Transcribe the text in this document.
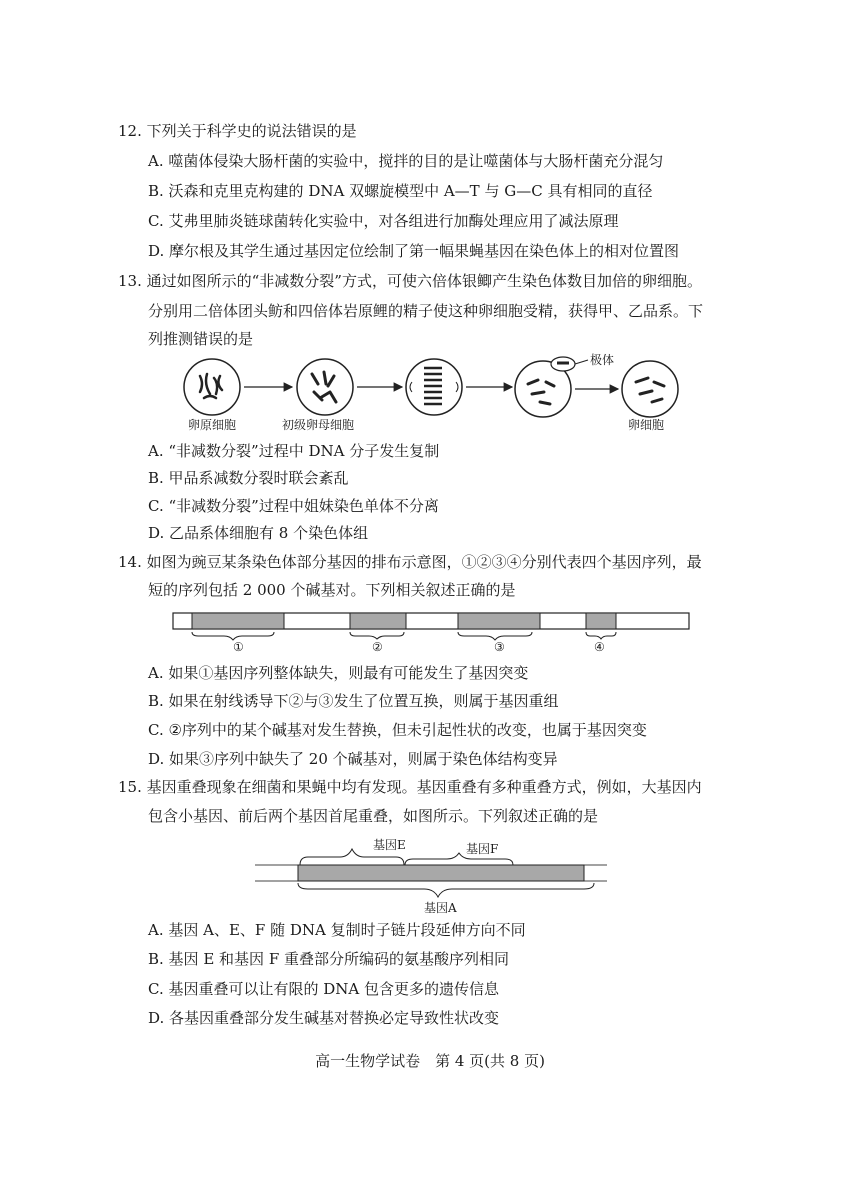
12. 下列关于科学史的说法错误的是
A. 噬菌体侵染大肠杆菌的实验中，搅拌的目的是让噬菌体与大肠杆菌充分混匀
B. 沃森和克里克构建的 DNA 双螺旋模型中 A—T 与 G—C 具有相同的直径
C. 艾弗里肺炎链球菌转化实验中，对各组进行加酶处理应用了减法原理
D. 摩尔根及其学生通过基因定位绘制了第一幅果蝇基因在染色体上的相对位置图
13. 通过如图所示的“非减数分裂”方式，可使六倍体银鲫产生染色体数目加倍的卵细胞。
分别用二倍体团头鲂和四倍体岩原鲤的精子使这种卵细胞受精，获得甲、乙品系。下
列推测错误的是
极体
卵原细胞	初级卵母细胞	卵细胞
A. “非减数分裂”过程中 DNA 分子发生复制
B. 甲品系减数分裂时联会紊乱
C. “非减数分裂”过程中姐妹染色单体不分离
D. 乙品系体细胞有 8 个染色体组
14. 如图为豌豆某条染色体部分基因的排布示意图，①②③④分别代表四个基因序列，最
短的序列包括 2 000 个碱基对。下列相关叙述正确的是
①	②	③	④
A. 如果①基因序列整体缺失，则最有可能发生了基因突变
B. 如果在射线诱导下②与③发生了位置互换，则属于基因重组
C. ②序列中的某个碱基对发生替换，但未引起性状的改变，也属于基因突变
D. 如果③序列中缺失了 20 个碱基对，则属于染色体结构变异
15. 基因重叠现象在细菌和果蝇中均有发现。基因重叠有多种重叠方式，例如，大基因内
包含小基因、前后两个基因首尾重叠，如图所示。下列叙述正确的是
基因E	基因F
基因A
A. 基因 A、E、F 随 DNA 复制时子链片段延伸方向不同
B. 基因 E 和基因 F 重叠部分所编码的氨基酸序列相同
C. 基因重叠可以让有限的 DNA 包含更多的遗传信息
D. 各基因重叠部分发生碱基对替换必定导致性状改变
高一生物学试卷　第 4 页(共 8 页)
